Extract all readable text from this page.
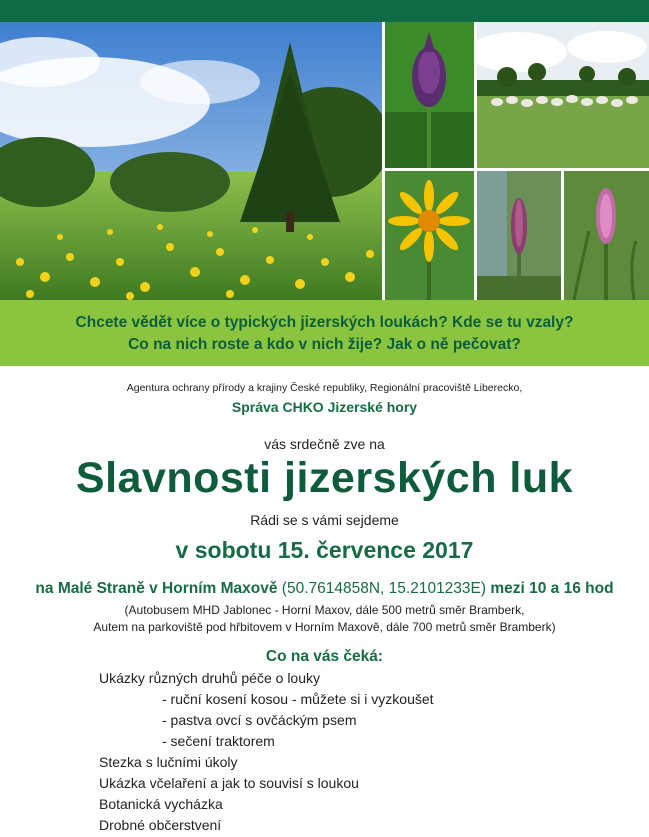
Chcete vědět více o typických jizerských loukách? Kde se tu vzaly?

Co na nich roste a kdo v nich žije? Jak o ně pečovat?

Agentura ochrany přírody a krajiny České republiky, Regionální pracoviště Liberecko,
Správa CHKO Jizerské hory
vás srdečně zve na
Slavnosti jizerských luk
Rádi se s vámi sejdeme
v sobotu 15. července 2017
na Malé Straně v Horním Maxově (50.7614858N, 15.2101233E) mezi 10 a 16 hod
(Autobusem MHD Jablonec - Horní Maxov, dále 500 metrů směr Bramberk,
Autem na parkoviště pod hřbitovem v Horním Maxově, dále 700 metrů směr Bramberk)
Co na vás čeká:
Ukázky různých druhů péče o louky
- ruční kosení kosou - můžete si i vyzkoušet
- pastva ovcí s ovčáckým psem
- sečení traktorem
Stezka s lučními úkoly
Ukázka včelaření a jak to souvisí s loukou
Botanická vycházka
Drobné občerstvení
